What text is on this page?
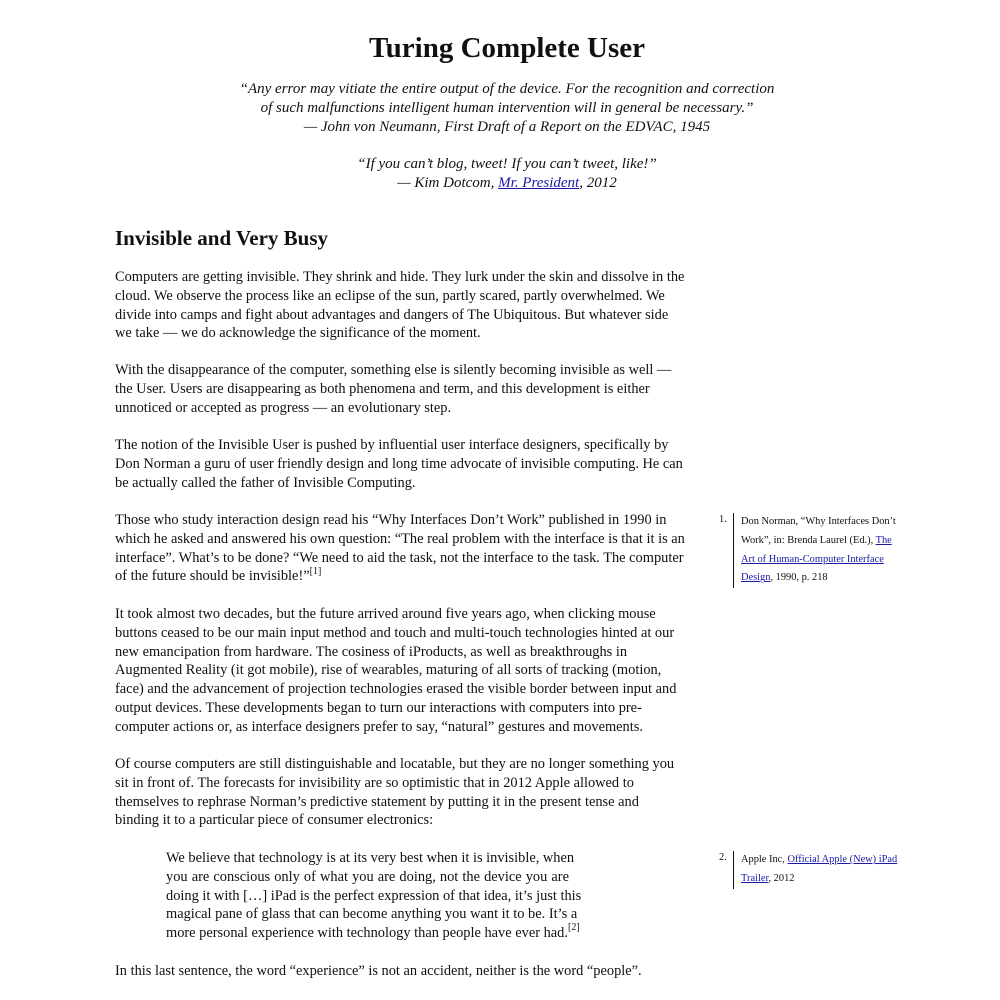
Turing Complete User
“Any error may vitiate the entire output of the device. For the recognition and correction
of such malfunctions intelligent human intervention will in general be necessary.”
— John von Neumann, First Draft of a Report on the EDVAC, 1945
“If you can’t blog, tweet! If you can’t tweet, like!”
— Kim Dotcom, Mr. President, 2012
Invisible and Very Busy

Computers are getting invisible. They shrink and hide. They lurk under the skin and dissolve in the
cloud. We observe the process like an eclipse of the sun, partly scared, partly overwhelmed. We
divide into camps and fight about advantages and dangers of The Ubiquitous. But whatever side
we take — we do acknowledge the significance of the moment.

With the disappearance of the computer, something else is silently becoming invisible as well —
the User. Users are disappearing as both phenomena and term, and this development is either
unnoticed or accepted as progress — an evolutionary step.

The notion of the Invisible User is pushed by influential user interface designers, specifically by
Don Norman a guru of user friendly design and long time advocate of invisible computing. He can
be actually called the father of Invisible Computing.

Those who study interaction design read his “Why Interfaces Don’t Work” published in 1990 in
which he asked and answered his own question: “The real problem with the interface is that it is an
interface”. What’s to be done? “We need to aid the task, not the interface to the task. The computer
of the future should be invisible!”[1]

It took almost two decades, but the future arrived around five years ago, when clicking mouse
buttons ceased to be our main input method and touch and multi-touch technologies hinted at our
new emancipation from hardware. The cosiness of iProducts, as well as breakthroughs in
Augmented Reality (it got mobile), rise of wearables, maturing of all sorts of tracking (motion,
face) and the advancement of projection technologies erased the visible border between input and
output devices. These developments began to turn our interactions with computers into pre-
computer actions or, as interface designers prefer to say, “natural” gestures and movements.

Of course computers are still distinguishable and locatable, but they are no longer something you
sit in front of. The forecasts for invisibility are so optimistic that in 2012 Apple allowed to
themselves to rephrase Norman’s predictive statement by putting it in the present tense and
binding it to a particular piece of consumer electronics:

We believe that technology is at its very best when it is invisible, when
you are conscious only of what you are doing, not the device you are
doing it with […] iPad is the perfect expression of that idea, it’s just this
magical pane of glass that can become anything you want it to be. It’s a
more personal experience with technology than people have ever had.[2]

In this last sentence, the word “experience” is not an accident, neither is the word “people”.

1.	Don Norman, “Why Interfaces Don’t
Work”, in: Brenda Laurel (Ed.), The
Art of Human-Computer Interface
Design, 1990, p. 218
2.	Apple Inc, Official Apple (New) iPad
Trailer, 2012
